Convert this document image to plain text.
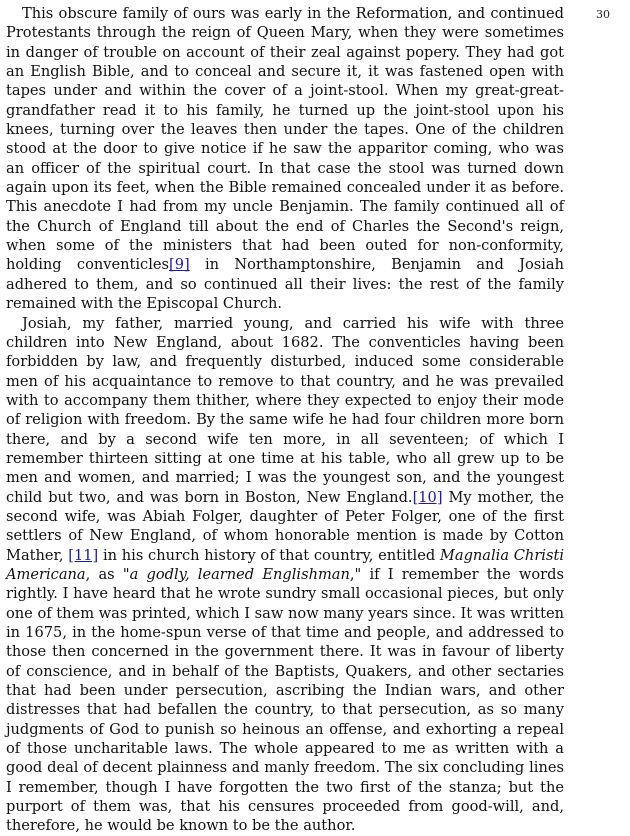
30

This obscure family of ours was early in the Reformation, and continued Protestants through the reign of Queen Mary, when they were sometimes in danger of trouble on account of their zeal against popery. They had got an English Bible, and to conceal and secure it, it was fastened open with tapes under and within the cover of a joint-stool. When my great-great-grandfather read it to his family, he turned up the joint-stool upon his knees, turning over the leaves then under the tapes. One of the children stood at the door to give notice if he saw the apparitor coming, who was an officer of the spiritual court. In that case the stool was turned down again upon its feet, when the Bible remained concealed under it as before. This anecdote I had from my uncle Benjamin. The family continued all of the Church of England till about the end of Charles the Second's reign, when some of the ministers that had been outed for non-conformity, holding conventicles[9] in Northamptonshire, Benjamin and Josiah adhered to them, and so continued all their lives: the rest of the family remained with the Episcopal Church.

Josiah, my father, married young, and carried his wife with three children into New England, about 1682. The conventicles having been forbidden by law, and frequently disturbed, induced some considerable men of his acquaintance to remove to that country, and he was prevailed with to accompany them thither, where they expected to enjoy their mode of religion with freedom. By the same wife he had four children more born there, and by a second wife ten more, in all seventeen; of which I remember thirteen sitting at one time at his table, who all grew up to be men and women, and married; I was the youngest son, and the youngest child but two, and was born in Boston, New England.[10] My mother, the second wife, was Abiah Folger, daughter of Peter Folger, one of the first settlers of New England, of whom honorable mention is made by Cotton Mather, [11] in his church history of that country, entitled Magnalia Christi Americana, as "a godly, learned Englishman," if I remember the words rightly. I have heard that he wrote sundry small occasional pieces, but only one of them was printed, which I saw now many years since. It was written in 1675, in the home-spun verse of that time and people, and addressed to those then concerned in the government there. It was in favour of liberty of conscience, and in behalf of the Baptists, Quakers, and other sectaries that had been under persecution, ascribing the Indian wars, and other distresses that had befallen the country, to that persecution, as so many judgments of God to punish so heinous an offense, and exhorting a repeal of those uncharitable laws. The whole appeared to me as written with a good deal of decent plainness and manly freedom. The six concluding lines I remember, though I have forgotten the two first of the stanza; but the purport of them was, that his censures proceeded from good-will, and, therefore, he would be known to be the author.
